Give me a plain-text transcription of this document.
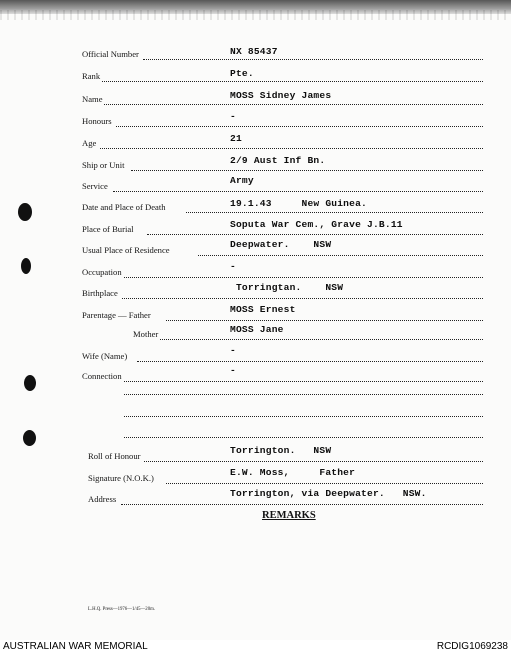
Official Number	NX 85437
Rank	Pte.
Name	MOSS Sidney James
Honours	-
Age	21
Ship or Unit	2/9 Aust Inf Bn.
Service	Army
Date and Place of Death	19.1.43     New Guinea.
Place of Burial	Soputa War Cem., Grave J.B.11
Usual Place of Residence	Deepwater.    NSW
Occupation	-
Birthplace	Torringtan.    NSW
Parentage — Father	MOSS Ernest
Mother	MOSS Jane
Wife (Name)	-
Connection	-
Roll of Honour	Torrington.   NSW
Signature (N.O.K.)	E.W. Moss,     Father
Address	Torrington, via Deepwater.   NSW.
REMARKS
L.H.Q. Press—1976—1/45—20m.
AUSTRALIAN WAR MEMORIAL	RCDIG1069238
